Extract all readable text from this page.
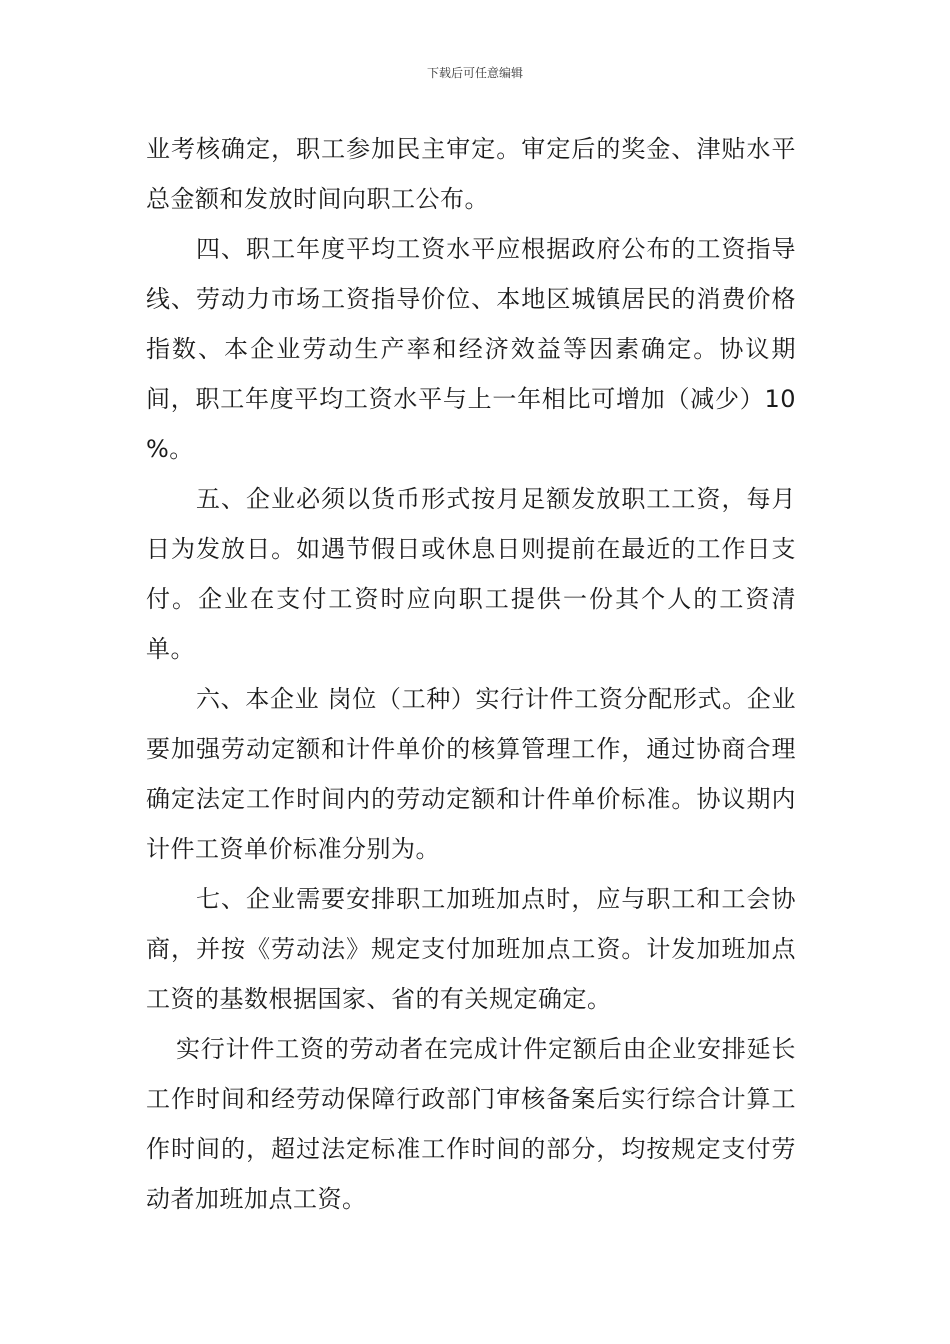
下载后可任意编辑

业考核确定，职工参加民主审定。审定后的奖金、津贴水平总金额和发放时间向职工公布。

四、职工年度平均工资水平应根据政府公布的工资指导线、劳动力市场工资指导价位、本地区城镇居民的消费价格指数、本企业劳动生产率和经济效益等因素确定。协议期间，职工年度平均工资水平与上一年相比可增加（减少）10 %。

五、企业必须以货币形式按月足额发放职工工资，每月 日为发放日。如遇节假日或休息日则提前在最近的工作日支付。企业在支付工资时应向职工提供一份其个人的工资清单。

六、本企业 岗位（工种）实行计件工资分配形式。企业要加强劳动定额和计件单价的核算管理工作，通过协商合理确定法定工作时间内的劳动定额和计件单价标准。协议期内计件工资单价标准分别为。

七、企业需要安排职工加班加点时，应与职工和工会协商，并按《劳动法》规定支付加班加点工资。计发加班加点工资的基数根据国家、省的有关规定确定。

实行计件工资的劳动者在完成计件定额后由企业安排延长工作时间和经劳动保障行政部门审核备案后实行综合计算工作时间的，超过法定标准工作时间的部分，均按规定支付劳动者加班加点工资。
